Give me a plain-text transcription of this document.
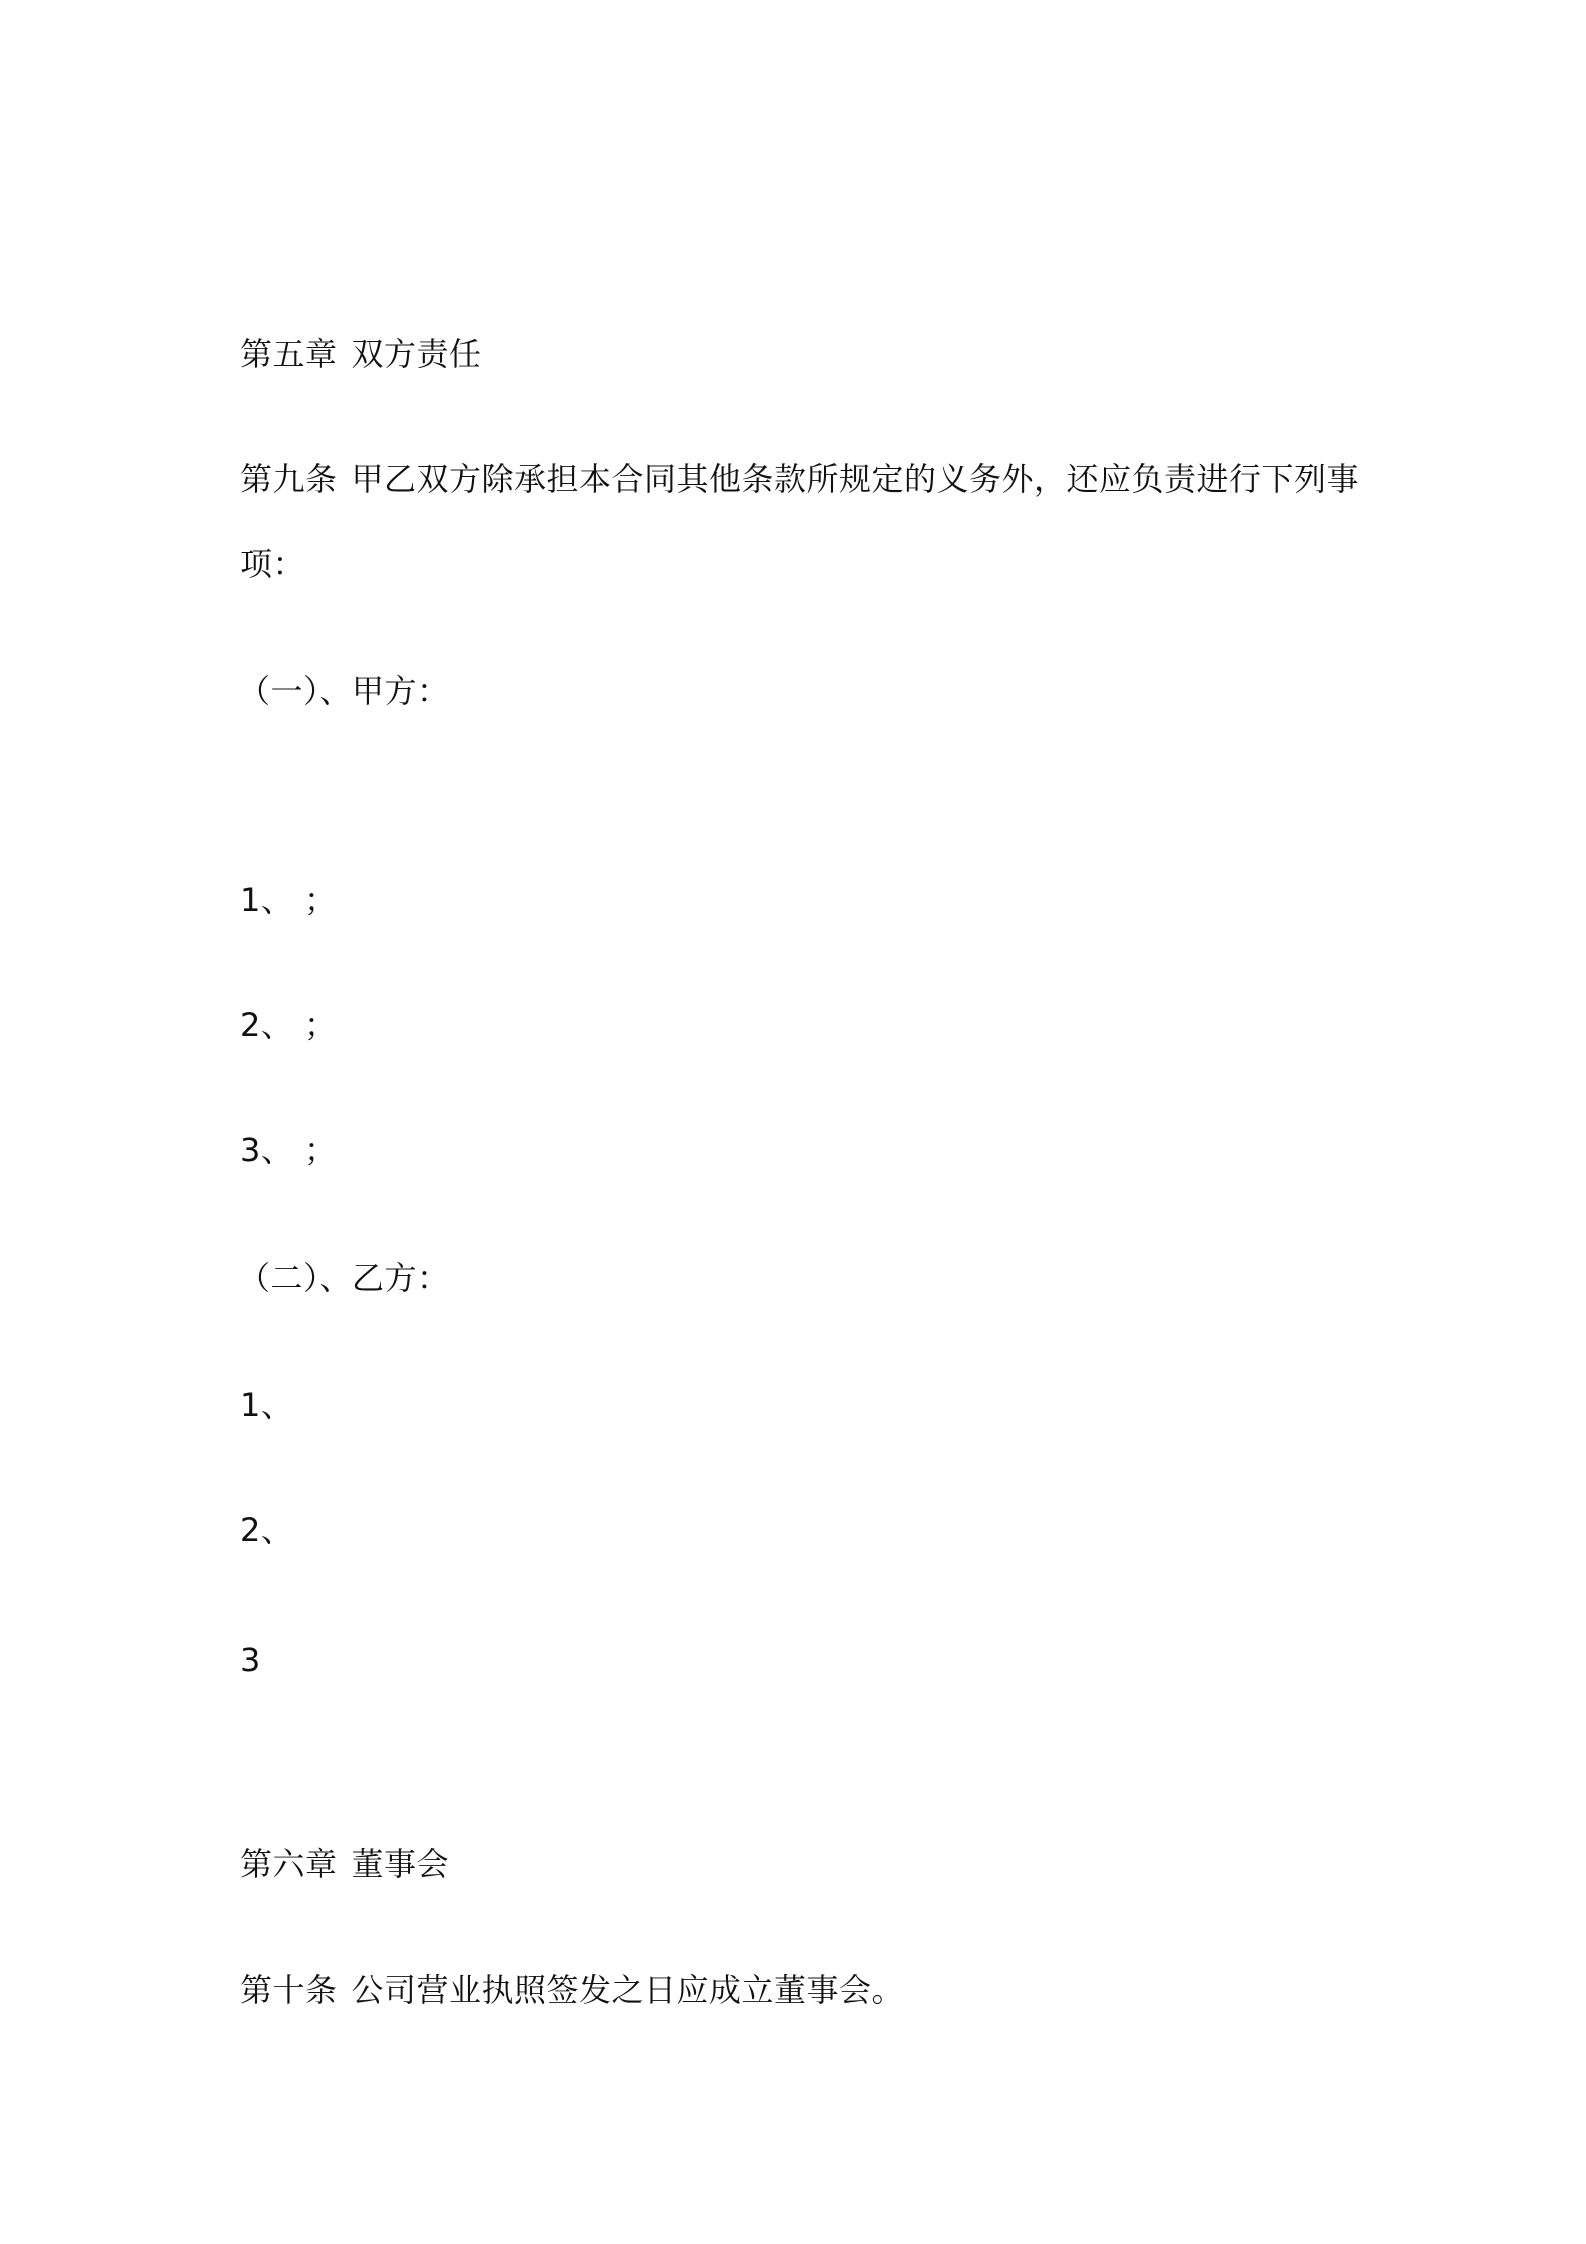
第五章 双方责任
第九条 甲乙双方除承担本合同其他条款所规定的义务外，还应负责进行下列事
项：
（一）、甲方：
1、 ；
2、 ；
3、 ；
（二）、乙方：
1、
2、
3
第六章 董事会
第十条 公司营业执照签发之日应成立董事会。
